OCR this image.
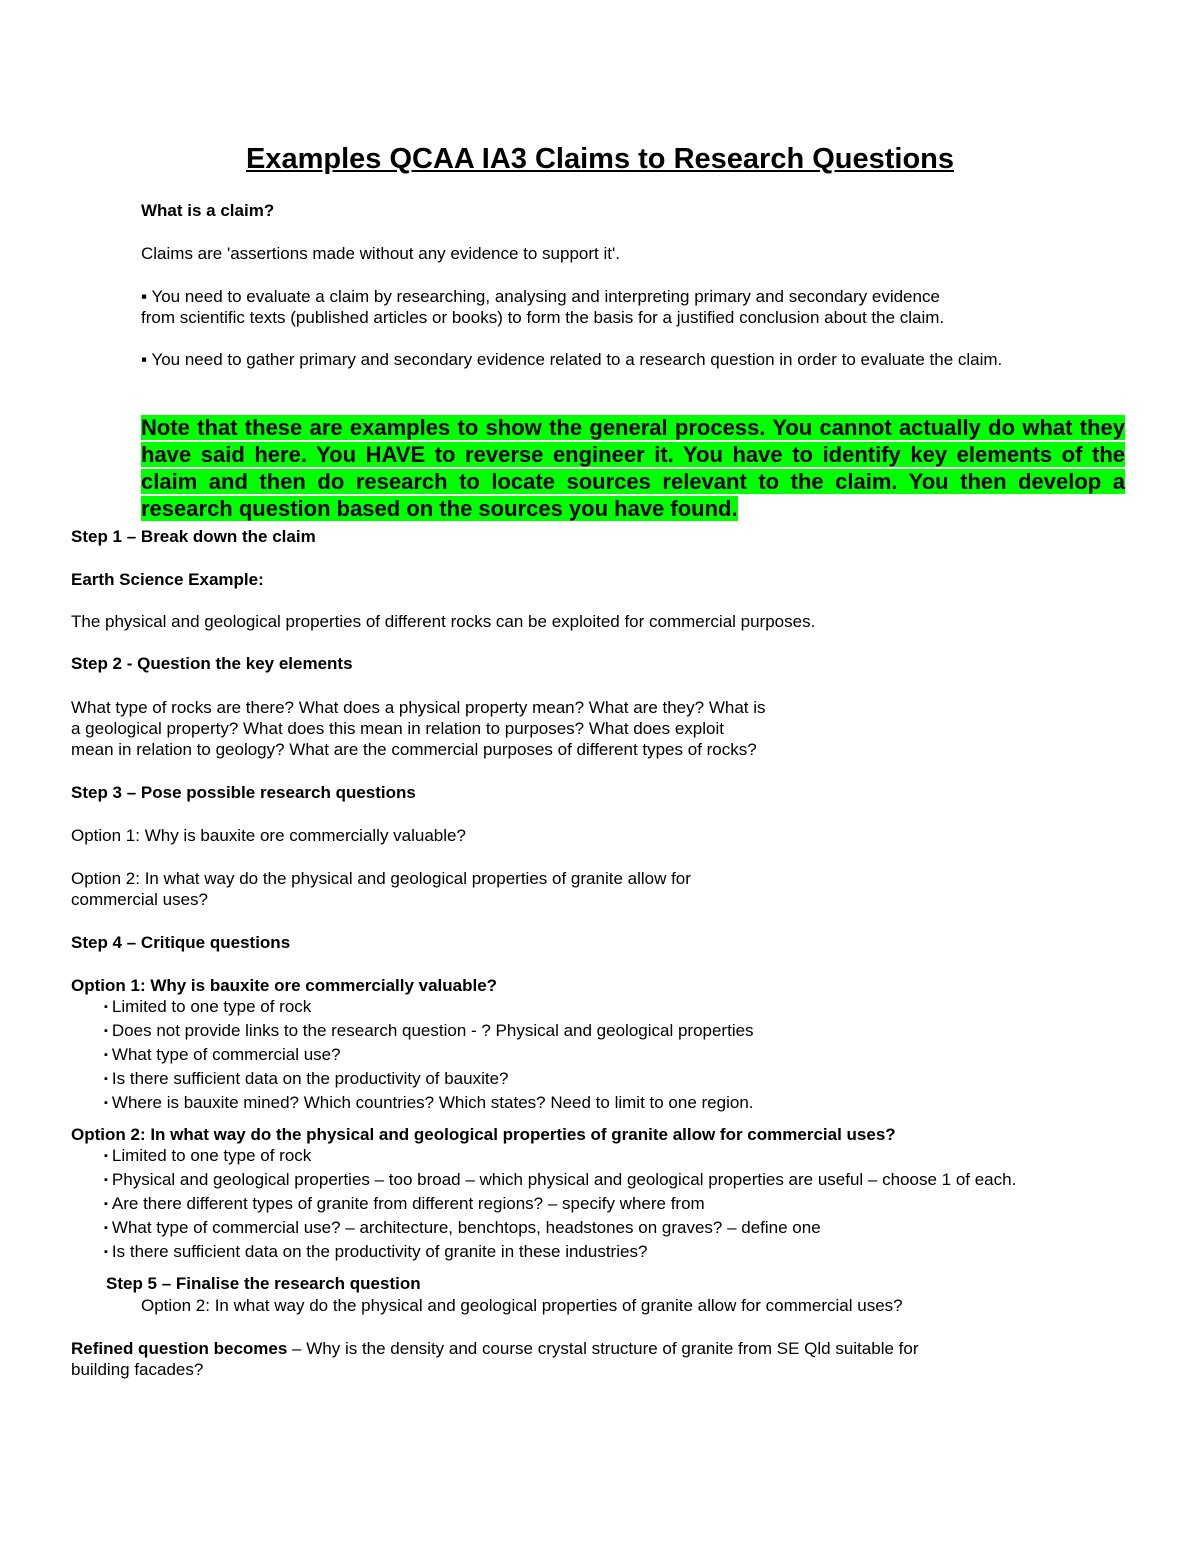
Examples QCAA IA3 Claims to Research Questions

What is a claim?

Claims are 'assertions made without any evidence to support it'.

▪ You need to evaluate a claim by researching, analysing and interpreting primary and secondary evidence

from scientific texts (published articles or books) to form the basis for a justified conclusion about the claim.

▪ You need to gather primary and secondary evidence related to a research question in order to evaluate the claim.

Note that these are examples to show the general process. You cannot actually do what they have said here. You HAVE to reverse engineer it. You have to identify key elements of the claim and then do research to locate sources relevant to the claim. You then develop a research question based on the sources you have found.

Step 1 – Break down the claim

Earth Science Example:

The physical and geological properties of different rocks can be exploited for commercial purposes.

Step 2 - Question the key elements

What type of rocks are there? What does a physical property mean? What are they? What is

a geological property? What does this mean in relation to purposes? What does exploit

mean in relation to geology? What are the commercial purposes of different types of rocks?

Step 3 – Pose possible research questions

Option 1: Why is bauxite ore commercially valuable?

Option 2: In what way do the physical and geological properties of granite allow for

commercial uses?

Step 4 – Critique questions

Option 1: Why is bauxite ore commercially valuable?

▪ Limited to one type of rock
▪ Does not provide links to the research question - ? Physical and geological properties
▪ What type of commercial use?
▪ Is there sufficient data on the productivity of bauxite?
▪ Where is bauxite mined? Which countries? Which states? Need to limit to one region.

Option 2: In what way do the physical and geological properties of granite allow for commercial uses?

▪ Limited to one type of rock
▪ Physical and geological properties – too broad – which physical and geological properties are useful – choose 1 of each.
▪ Are there different types of granite from different regions? – specify where from
▪ What type of commercial use? – architecture, benchtops, headstones on graves? – define one
▪ Is there sufficient data on the productivity of granite in these industries?

Step 5 – Finalise the research question

Option 2: In what way do the physical and geological properties of granite allow for commercial uses?

Refined question becomes – Why is the density and course crystal structure of granite from SE Qld suitable for

building facades?
